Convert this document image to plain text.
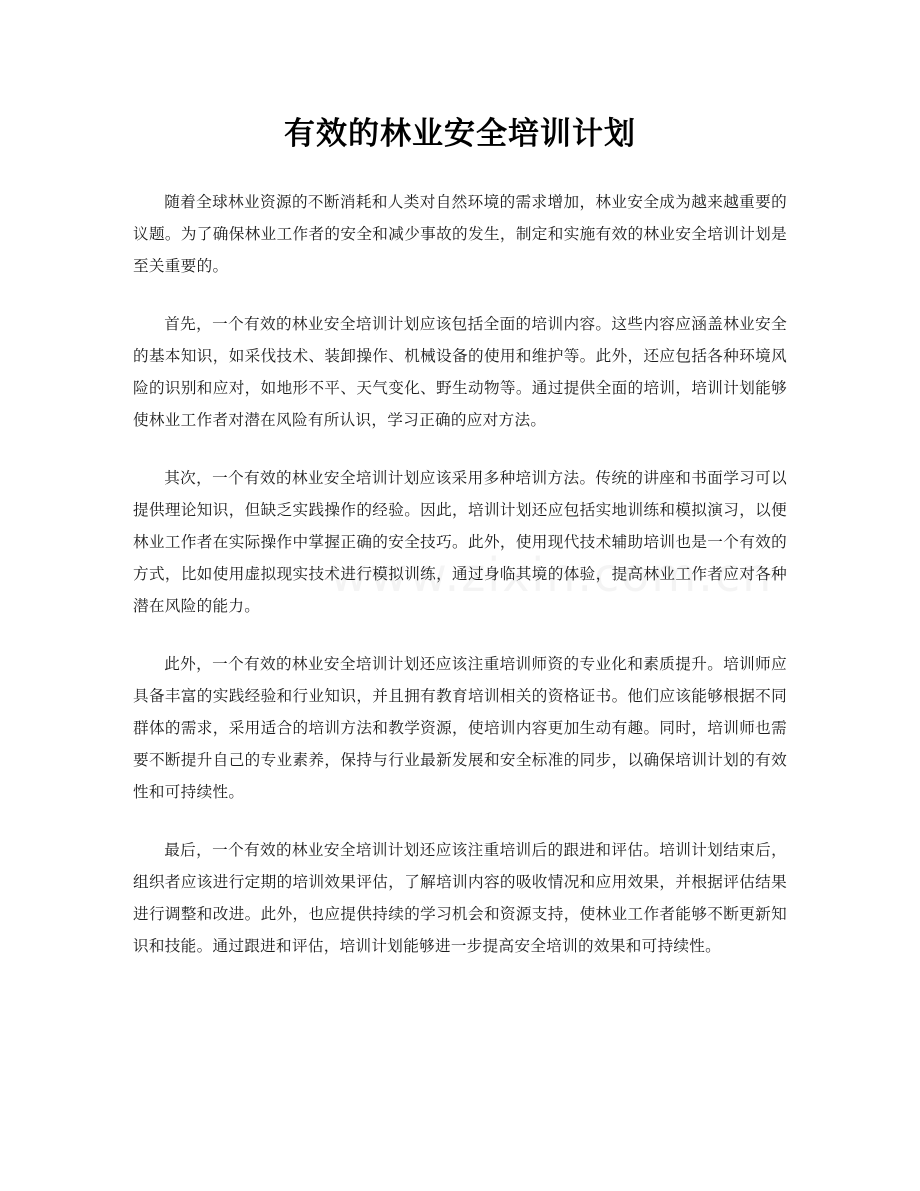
有效的林业安全培训计划

随着全球林业资源的不断消耗和人类对自然环境的需求增加，林业安全成为越来越重要的议题。为了确保林业工作者的安全和减少事故的发生，制定和实施有效的林业安全培训计划是至关重要的。

首先，一个有效的林业安全培训计划应该包括全面的培训内容。这些内容应涵盖林业安全的基本知识，如采伐技术、装卸操作、机械设备的使用和维护等。此外，还应包括各种环境风险的识别和应对，如地形不平、天气变化、野生动物等。通过提供全面的培训，培训计划能够使林业工作者对潜在风险有所认识，学习正确的应对方法。

其次，一个有效的林业安全培训计划应该采用多种培训方法。传统的讲座和书面学习可以提供理论知识，但缺乏实践操作的经验。因此，培训计划还应包括实地训练和模拟演习，以便林业工作者在实际操作中掌握正确的安全技巧。此外，使用现代技术辅助培训也是一个有效的方式，比如使用虚拟现实技术进行模拟训练，通过身临其境的体验，提高林业工作者应对各种潜在风险的能力。

此外，一个有效的林业安全培训计划还应该注重培训师资的专业化和素质提升。培训师应具备丰富的实践经验和行业知识，并且拥有教育培训相关的资格证书。他们应该能够根据不同群体的需求，采用适合的培训方法和教学资源，使培训内容更加生动有趣。同时，培训师也需要不断提升自己的专业素养，保持与行业最新发展和安全标准的同步，以确保培训计划的有效性和可持续性。

最后，一个有效的林业安全培训计划还应该注重培训后的跟进和评估。培训计划结束后，组织者应该进行定期的培训效果评估，了解培训内容的吸收情况和应用效果，并根据评估结果进行调整和改进。此外，也应提供持续的学习机会和资源支持，使林业工作者能够不断更新知识和技能。通过跟进和评估，培训计划能够进一步提高安全培训的效果和可持续性。
